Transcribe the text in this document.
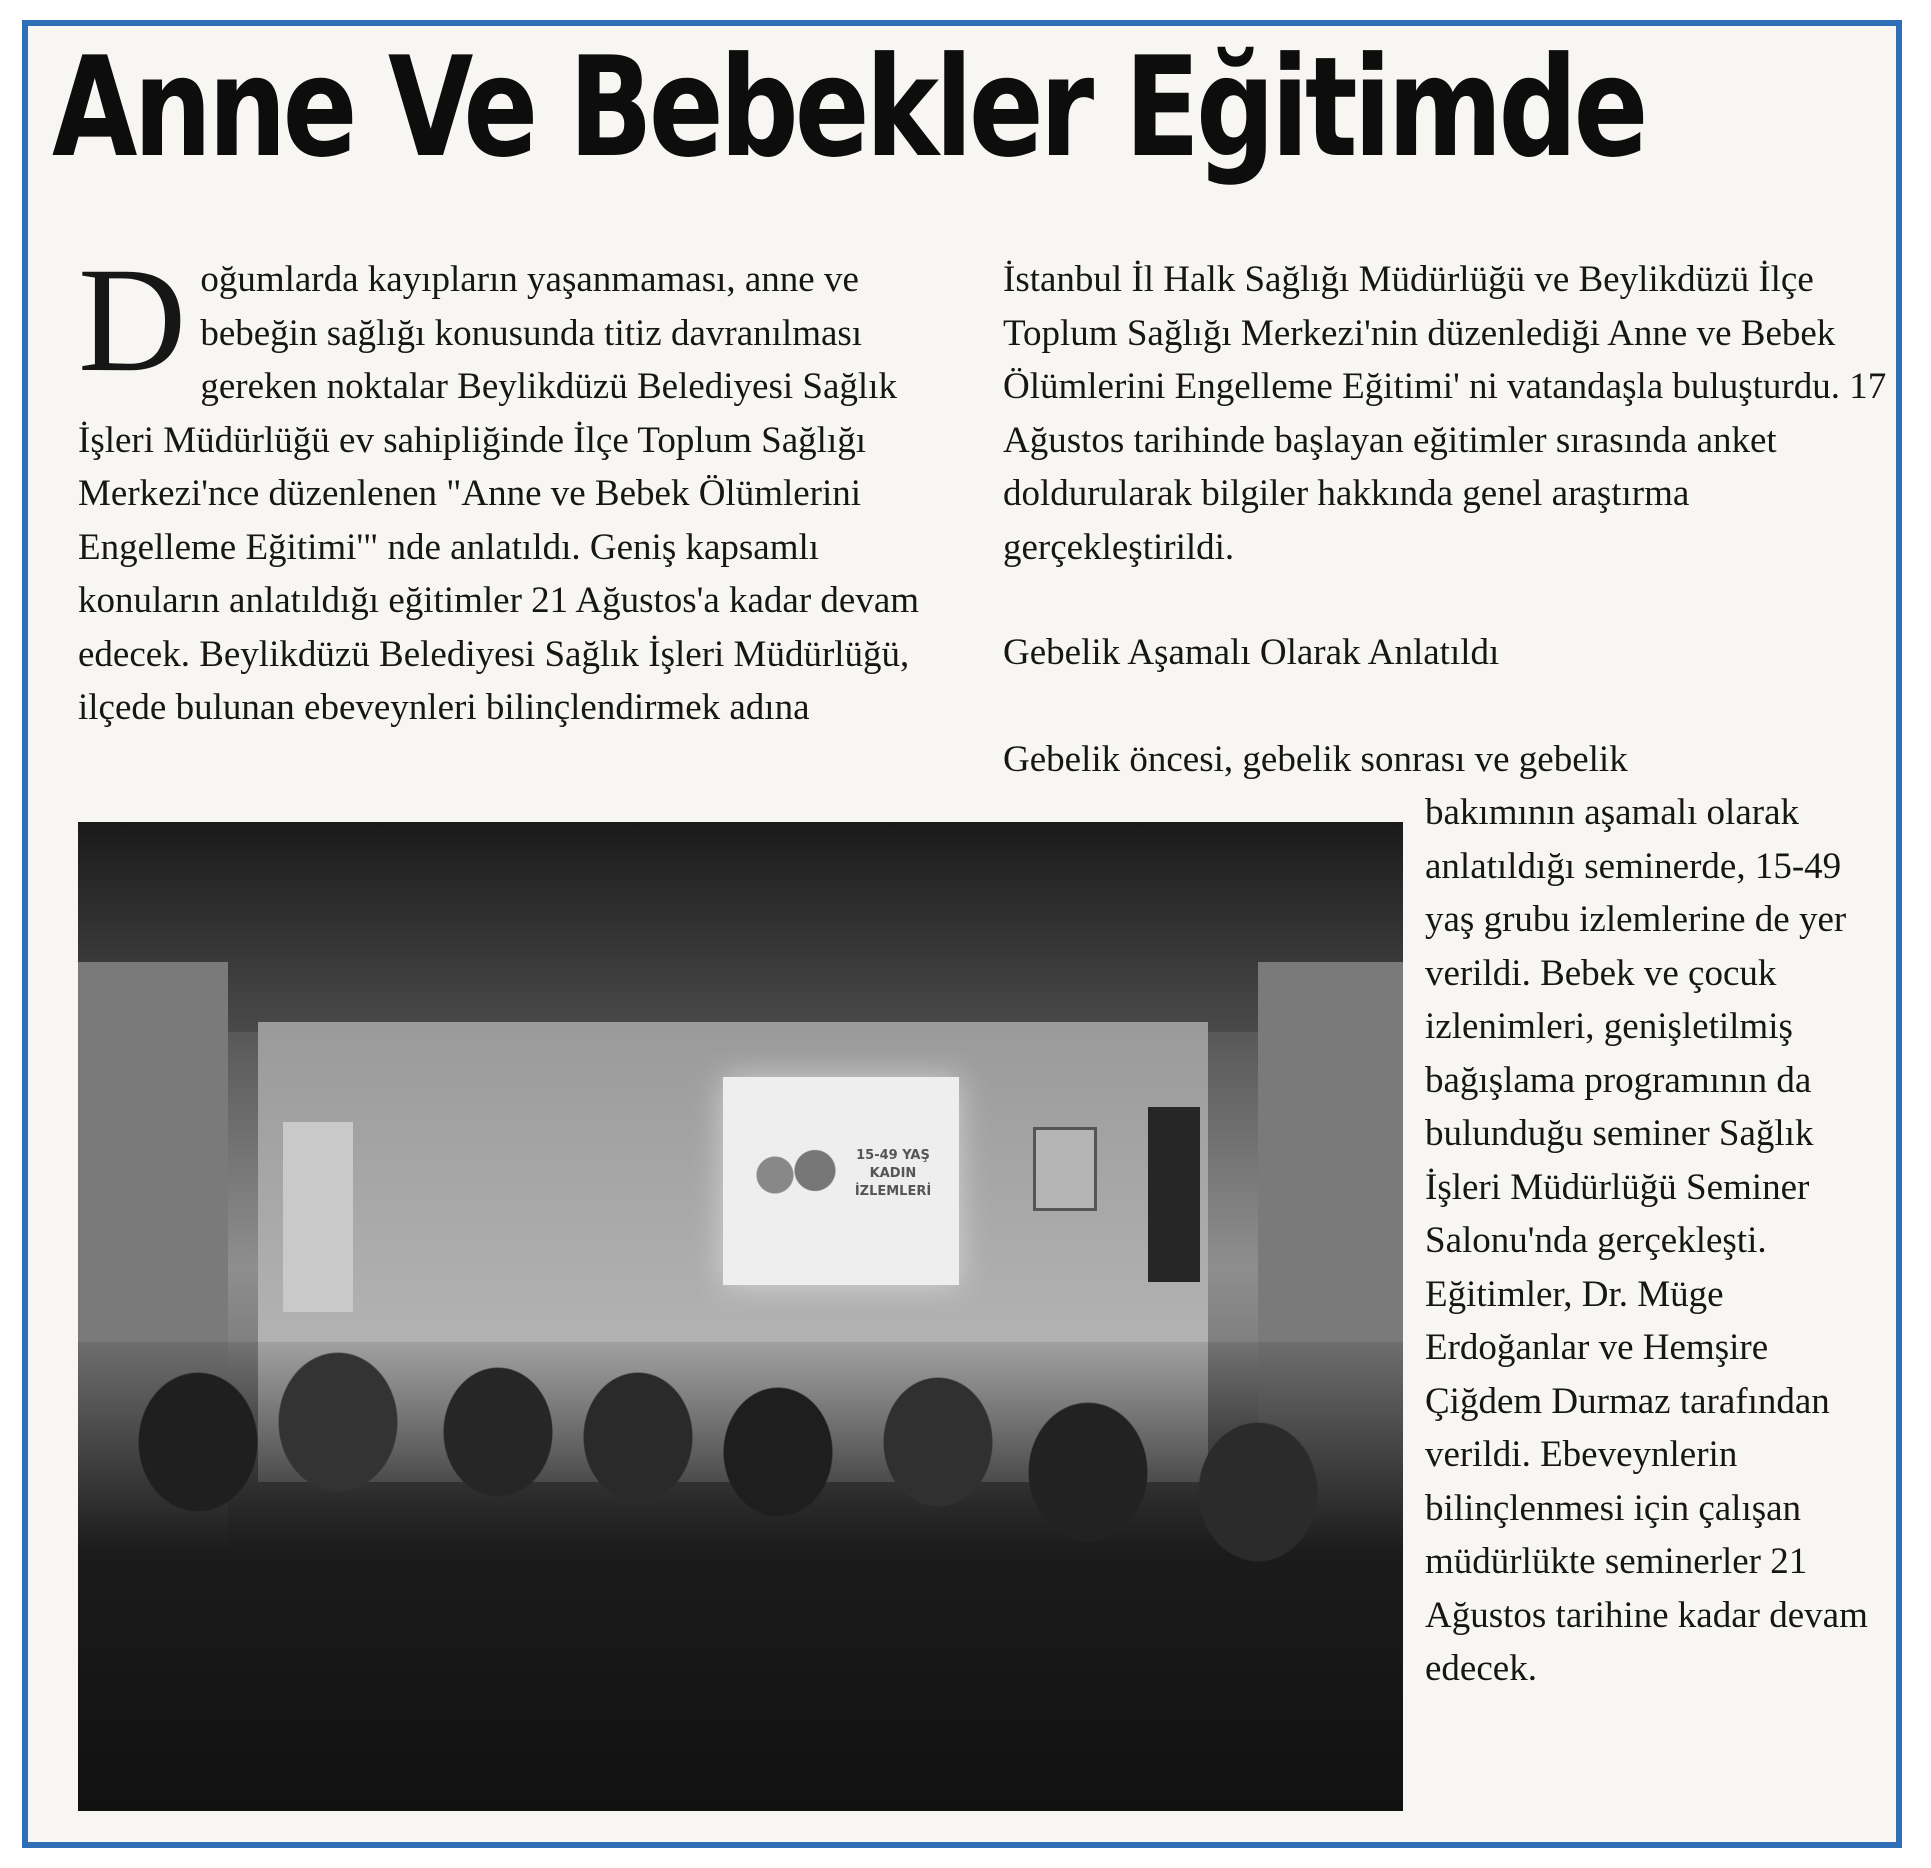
Anne Ve Bebekler Eğitimde

Doğumlarda kayıpların yaşanmaması, anne ve bebeğin sağlığı konusunda titiz davranılması gereken noktalar Beylikdüzü Belediyesi Sağlık İşleri Müdürlüğü ev sahipliğinde İlçe Toplum Sağlığı Merkezi'nce düzenlenen "Anne ve Bebek Ölümlerini Engelleme Eğitimi'" nde anlatıldı. Geniş kapsamlı konuların anlatıldığı eğitimler 21 Ağustos'a kadar devam edecek. Beylikdüzü Belediyesi Sağlık İşleri Müdürlüğü, ilçede bulunan ebeveynleri bilinçlendirmek adına

İstanbul İl Halk Sağlığı Müdürlüğü ve Beylikdüzü İlçe Toplum Sağlığı Merkezi'nin düzenlediği Anne ve Bebek Ölümlerini Engelleme Eğitimi' ni vatandaşla buluşturdu. 17 Ağustos tarihinde başlayan eğitimler sırasında anket doldurularak bilgiler hakkında genel araştırma gerçekleştirildi.

Gebelik Aşamalı Olarak Anlatıldı

Gebelik öncesi, gebelik sonrası ve gebelik

bakımının aşamalı olarak anlatıldığı seminerde, 15-49 yaş grubu izlemlerine de yer verildi. Bebek ve çocuk izlenimleri, genişletilmiş bağışlama programının da bulunduğu seminer Sağlık İşleri Müdürlüğü Seminer Salonu'nda gerçekleşti. Eğitimler, Dr. Müge Erdoğanlar ve Hemşire Çiğdem Durmaz tarafından verildi. Ebeveynlerin bilinçlenmesi için çalışan müdürlükte seminerler 21 Ağustos tarihine kadar devam edecek.

15-49 YAŞ KADIN İZLEMLERİ
